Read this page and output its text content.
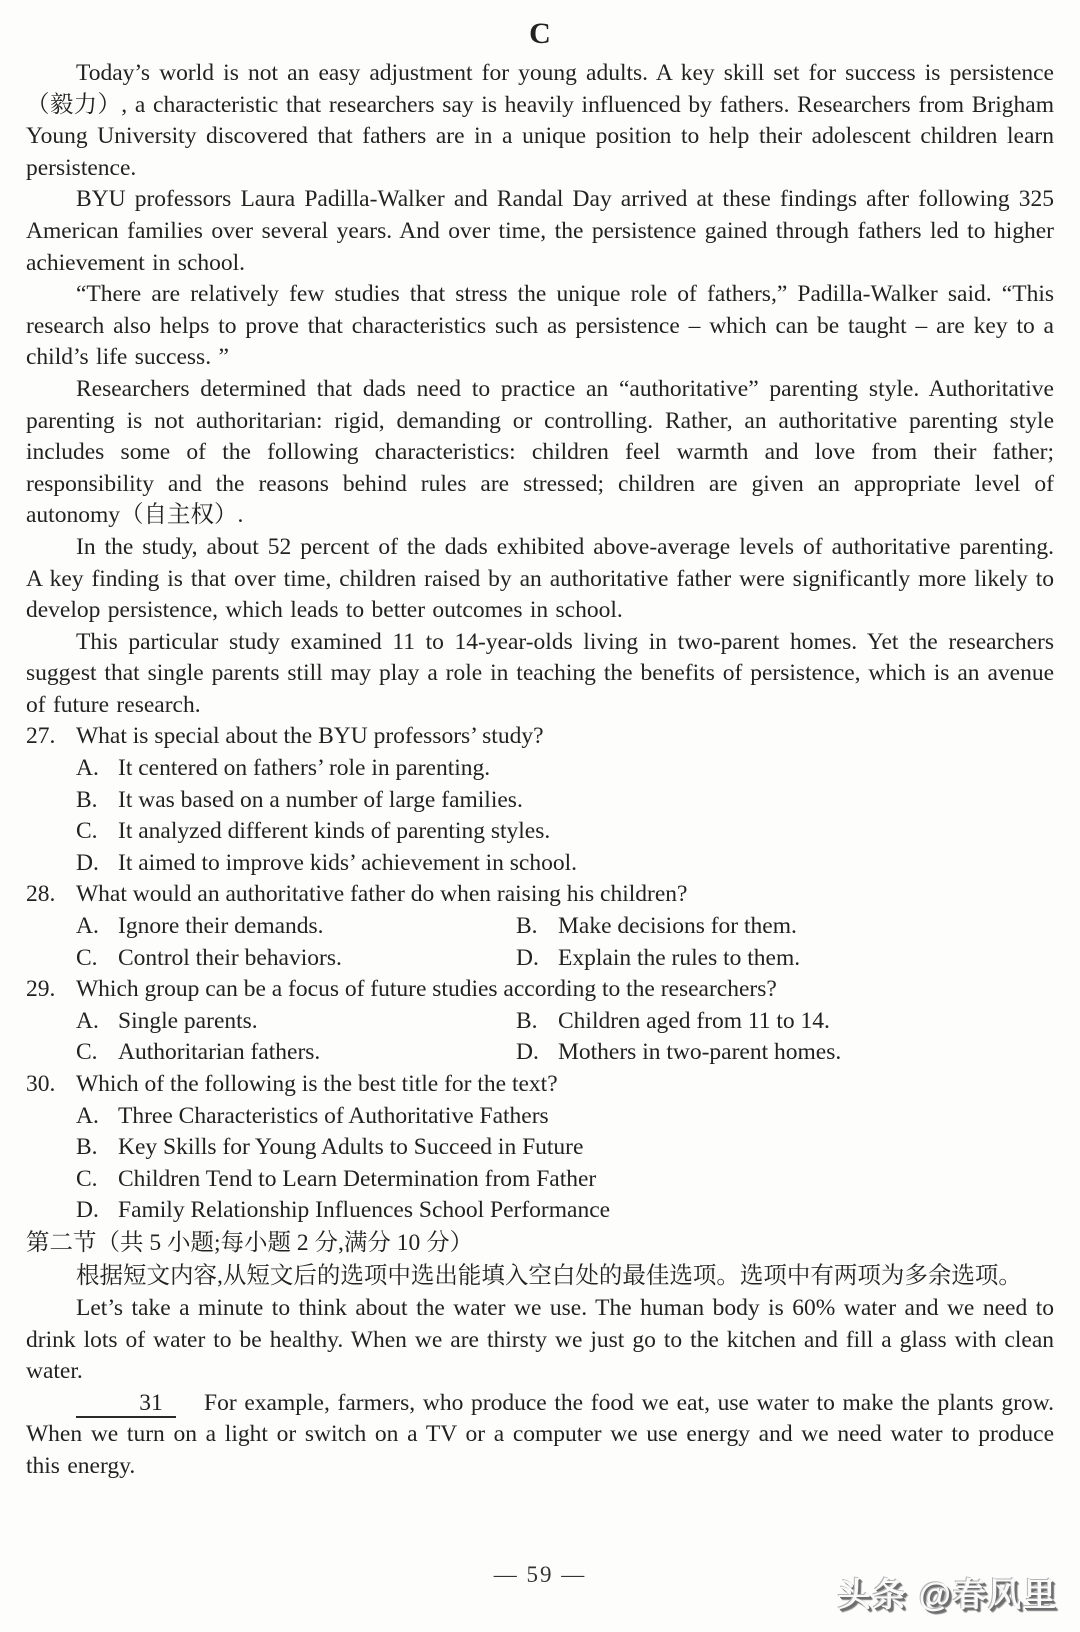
C

Today’s world is not an easy adjustment for young adults. A key skill set for success is persistence（毅力）, a characteristic that researchers say is heavily influenced by fathers. Researchers from Brigham Young University discovered that fathers are in a unique position to help their adolescent children learn persistence.

BYU professors Laura Padilla-Walker and Randal Day arrived at these findings after following 325 American families over several years. And over time, the persistence gained through fathers led to higher achievement in school.

“There are relatively few studies that stress the unique role of fathers,” Padilla-Walker said. “This research also helps to prove that characteristics such as persistence – which can be taught – are key to a child’s life success. ”

Researchers determined that dads need to practice an “authoritative” parenting style. Authoritative parenting is not authoritarian: rigid, demanding or controlling. Rather, an authoritative parenting style includes some of the following characteristics: children feel warmth and love from their father; responsibility and the reasons behind rules are stressed; children are given an appropriate level of autonomy（自主权）.

In the study, about 52 percent of the dads exhibited above-average levels of authoritative parenting. A key finding is that over time, children raised by an authoritative father were significantly more likely to develop persistence, which leads to better outcomes in school.

This particular study examined 11 to 14-year-olds living in two-parent homes. Yet the researchers suggest that single parents still may play a role in teaching the benefits of persistence, which is an avenue of future research.

27. What is special about the BYU professors’ study?
A. It centered on fathers’ role in parenting.
B. It was based on a number of large families.
C. It analyzed different kinds of parenting styles.
D. It aimed to improve kids’ achievement in school.
28. What would an authoritative father do when raising his children?
A. Ignore their demands.	B. Make decisions for them.
C. Control their behaviors.	D. Explain the rules to them.
29. Which group can be a focus of future studies according to the researchers?
A. Single parents.	B. Children aged from 11 to 14.
C. Authoritarian fathers.	D. Mothers in two-parent homes.
30. Which of the following is the best title for the text?
A. Three Characteristics of Authoritative Fathers
B. Key Skills for Young Adults to Succeed in Future
C. Children Tend to Learn Determination from Father
D. Family Relationship Influences School Performance
第二节（共 5 小题;每小题 2 分,满分 10 分）

根据短文内容,从短文后的选项中选出能填入空白处的最佳选项。选项中有两项为多余选项。

Let’s take a minute to think about the water we use. The human body is 60% water and we need to drink lots of water to be healthy. When we are thirsty we just go to the kitchen and fill a glass with clean water.

31 For example, farmers, who produce the food we eat, use water to make the plants grow. When we turn on a light or switch on a TV or a computer we use energy and we need water to produce this energy.

— 59 —
头条 @春风里
